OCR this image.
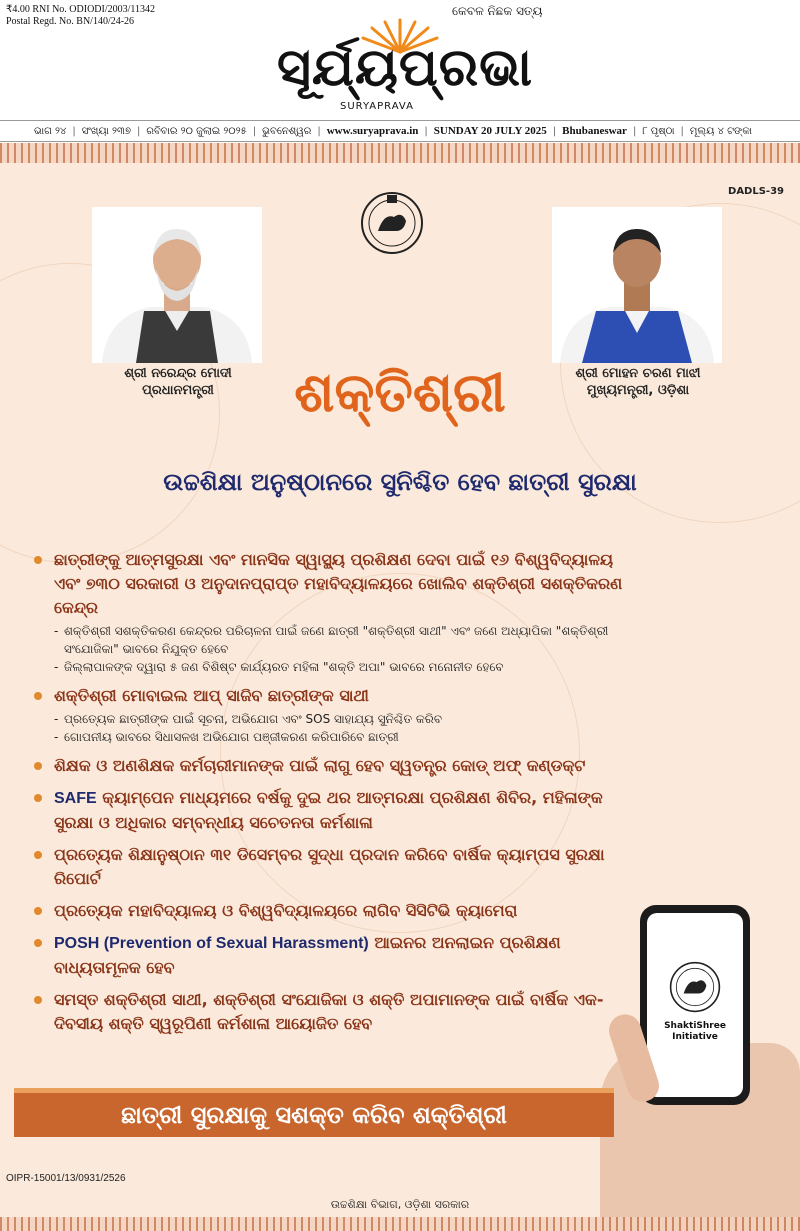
₹4.00 RNI No. ODIODI/2003/11342
Postal Regd. No. BN/140/24-26
କେବଳ ନିଛକ ସତ୍ୟ
ସୂର୍ଯ୍ୟପ୍ରଭା
SURYAPRAVA
ଭାଗ ୨୪ | ସଂଖ୍ୟା ୨୩୭ | ରବିବାର ୨୦ ଜୁଲାଇ ୨୦୨୫ | ଭୁବନେଶ୍ୱର | www.suryaprava.in | SUNDAY 20 JULY 2025 | Bhubaneswar | ୮ ପୃଷ୍ଠା | ମୂଲ୍ୟ ୪ ଟଙ୍କା
DADLS-39
ଶ୍ରୀ ନରେନ୍ଦ୍ର ମୋଦୀ
ପ୍ରଧାନମନ୍ତ୍ରୀ
ଶ୍ରୀ ମୋହନ ଚରଣ ମାଝୀ
ମୁଖ୍ୟମନ୍ତ୍ରୀ, ଓଡ଼ିଶା
ଶକ୍ତିଶ୍ରୀ
ଉଚ୍ଚଶିକ୍ଷା ଅନୁଷ୍ଠାନରେ ସୁନିଶ୍ଚିତ ହେବ ଛାତ୍ରୀ ସୁରକ୍ଷା
ଛାତ୍ରୀଙ୍କୁ ଆତ୍ମସୁରକ୍ଷା ଏବଂ ମାନସିକ ସ୍ୱାସ୍ଥ୍ୟ ପ୍ରଶିକ୍ଷଣ ଦେବା ପାଇଁ ୧୬ ବିଶ୍ୱବିଦ୍ୟାଳୟ ଏବଂ ୭୩୦ ସରକାରୀ ଓ ଅନୁଦାନପ୍ରାପ୍ତ ମହାବିଦ୍ୟାଳୟରେ ଖୋଲିବ ଶକ୍ତିଶ୍ରୀ ସଶକ୍ତିକରଣ କେନ୍ଦ୍ର
- ଶକ୍ତିଶ୍ରୀ ସଶକ୍ତିକରଣ କେନ୍ଦ୍ରର ପରିଚାଳନା ପାଇଁ ଜଣେ ଛାତ୍ରୀ "ଶକ୍ତିଶ୍ରୀ ସାଥୀ" ଏବଂ ଜଣେ ଅଧ୍ୟାପିକା "ଶକ୍ତିଶ୍ରୀ ସଂଯୋଜିକା" ଭାବରେ ନିଯୁକ୍ତ ହେବେ
- ଜିଲ୍ଲାପାଳଙ୍କ ଦ୍ୱାରା ୫ ଜଣ ବିଶିଷ୍ଟ କାର୍ଯ୍ୟରତ ମହିଳା "ଶକ୍ତି ଅପା" ଭାବରେ ମନୋନୀତ ହେବେ
ଶକ୍ତିଶ୍ରୀ ମୋବାଇଲ ଆପ୍ ସାଜିବ ଛାତ୍ରୀଙ୍କ ସାଥୀ
- ପ୍ରତ୍ୟେକ ଛାତ୍ରୀଙ୍କ ପାଇଁ ସୂଚନା, ଅଭିଯୋଗ ଏବଂ SOS ସାହାଯ୍ୟ ସୁନିଶ୍ଚିତ କରିବ
- ଗୋପନୀୟ ଭାବରେ ସିଧାସଳଖ ଅଭିଯୋଗ ପଞ୍ଜୀକରଣ କରିପାରିବେ ଛାତ୍ରୀ
ଶିକ୍ଷକ ଓ ଅଣଶିକ୍ଷକ କର୍ମଚାରୀମାନଙ୍କ ପାଇଁ ଲାଗୁ ହେବ ସ୍ୱତନ୍ତ୍ର କୋଡ୍ ଅଫ୍ କଣ୍ଡକ୍ଟ
SAFE କ୍ୟାମ୍ପେନ ମାଧ୍ୟମରେ ବର୍ଷକୁ ଦୁଇ ଥର ଆତ୍ମରକ୍ଷା ପ୍ରଶିକ୍ଷଣ ଶିବିର, ମହିଳାଙ୍କ ସୁରକ୍ଷା ଓ ଅଧିକାର ସମ୍ବନ୍ଧୀୟ ସଚେତନତା କର୍ମଶାଳା
ପ୍ରତ୍ୟେକ ଶିକ୍ଷାନୁଷ୍ଠାନ ୩୧ ଡିସେମ୍ବର ସୁଦ୍ଧା ପ୍ରଦାନ କରିବେ ବାର୍ଷିକ କ୍ୟାମ୍ପସ ସୁରକ୍ଷା ରିପୋର୍ଟ
ପ୍ରତ୍ୟେକ ମହାବିଦ୍ୟାଳୟ ଓ ବିଶ୍ୱବିଦ୍ୟାଳୟରେ ଲାଗିବ ସିସିଟିଭି କ୍ୟାମେରା
POSH (Prevention of Sexual Harassment) ଆଇନର ଅନଲାଇନ ପ୍ରଶିକ୍ଷଣ ବାଧ୍ୟତାମୂଳକ ହେବ
ସମସ୍ତ ଶକ୍ତିଶ୍ରୀ ସାଥୀ, ଶକ୍ତିଶ୍ରୀ ସଂଯୋଜିକା ଓ ଶକ୍ତି ଅପାମାନଙ୍କ ପାଇଁ ବାର୍ଷିକ ଏକ-ଦିବସୀୟ ଶକ୍ତି ସ୍ୱରୂପିଣୀ କର୍ମଶାଳା ଆୟୋଜିତ ହେବ	ShaktiShree
Initiative
ଛାତ୍ରୀ ସୁରକ୍ଷାକୁ ସଶକ୍ତ କରିବ ଶକ୍ତିଶ୍ରୀ
OIPR-15001/13/0931/2526
ଉଚ୍ଚଶିକ୍ଷା ବିଭାଗ, ଓଡ଼ିଶା ସରକାର
